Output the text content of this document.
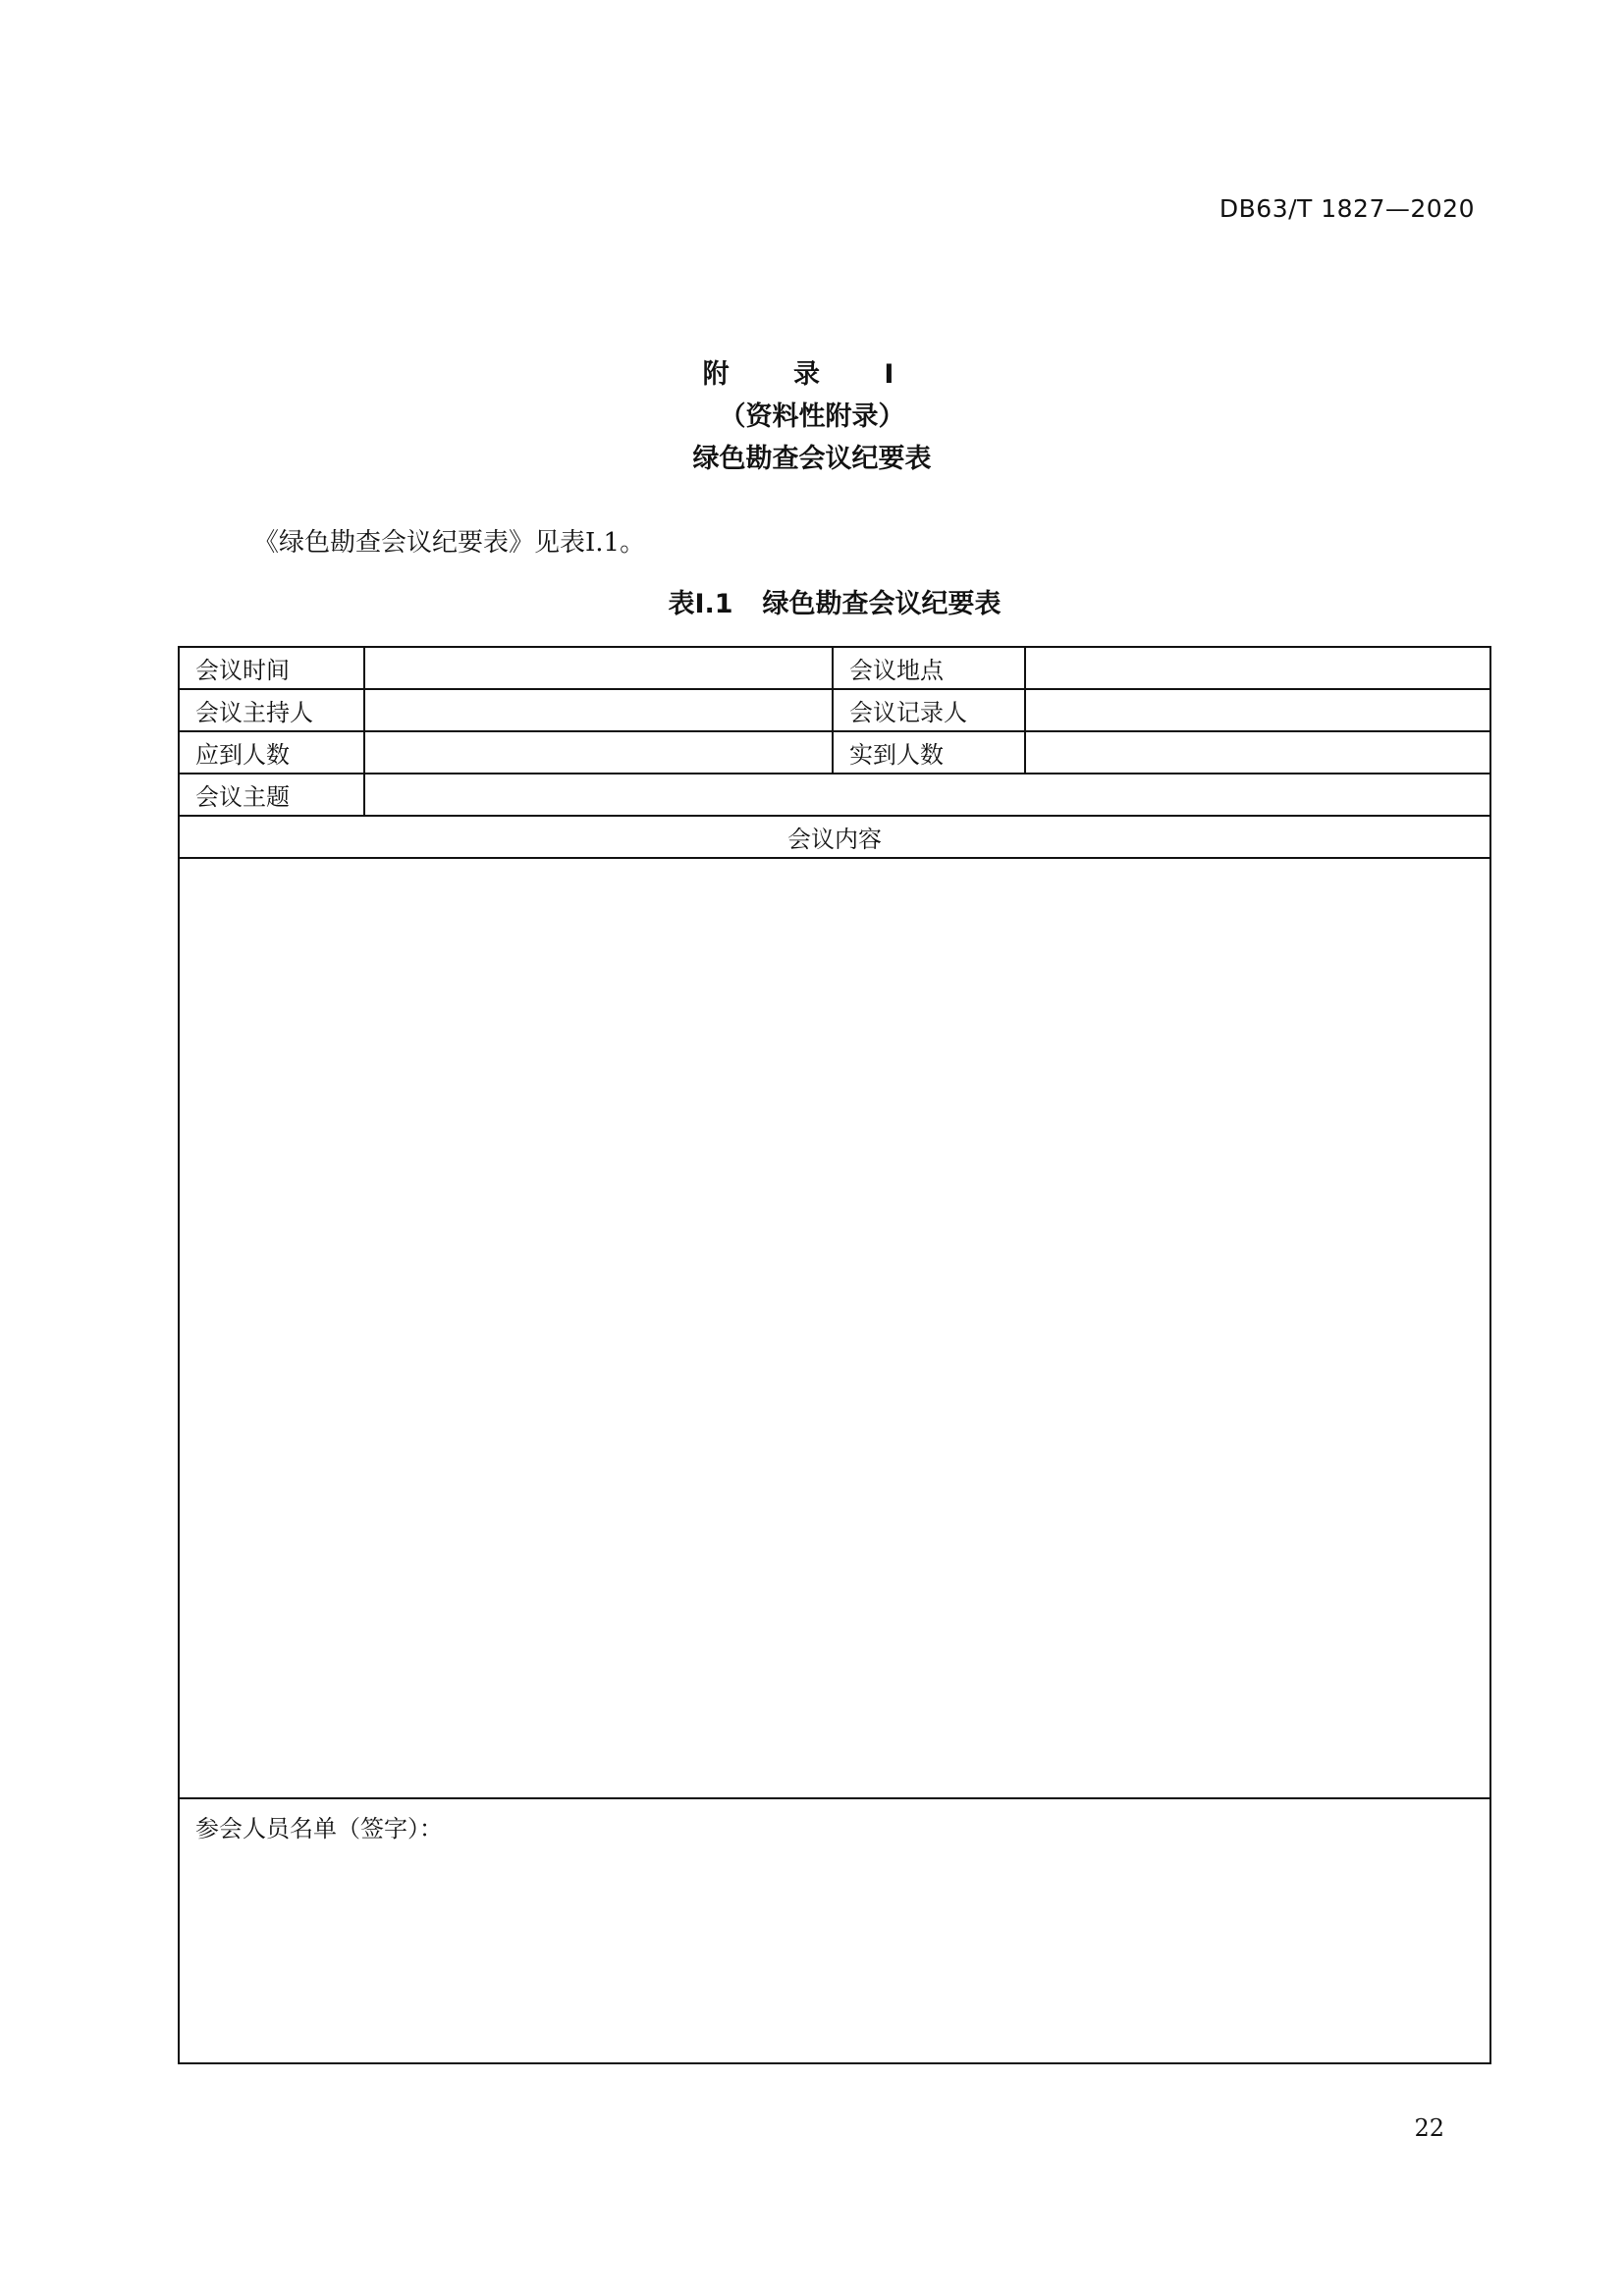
DB63/T 1827—2020
附 录 I
（资料性附录）
绿色勘查会议纪要表
《绿色勘查会议纪要表》见表I.1。
表I.1 绿色勘查会议纪要表
会议时间		会议地点	
会议主持人		会议记录人	
应到人数		实到人数	
会议主题			
会议内容			

参会人员名单（签字）：			
22
